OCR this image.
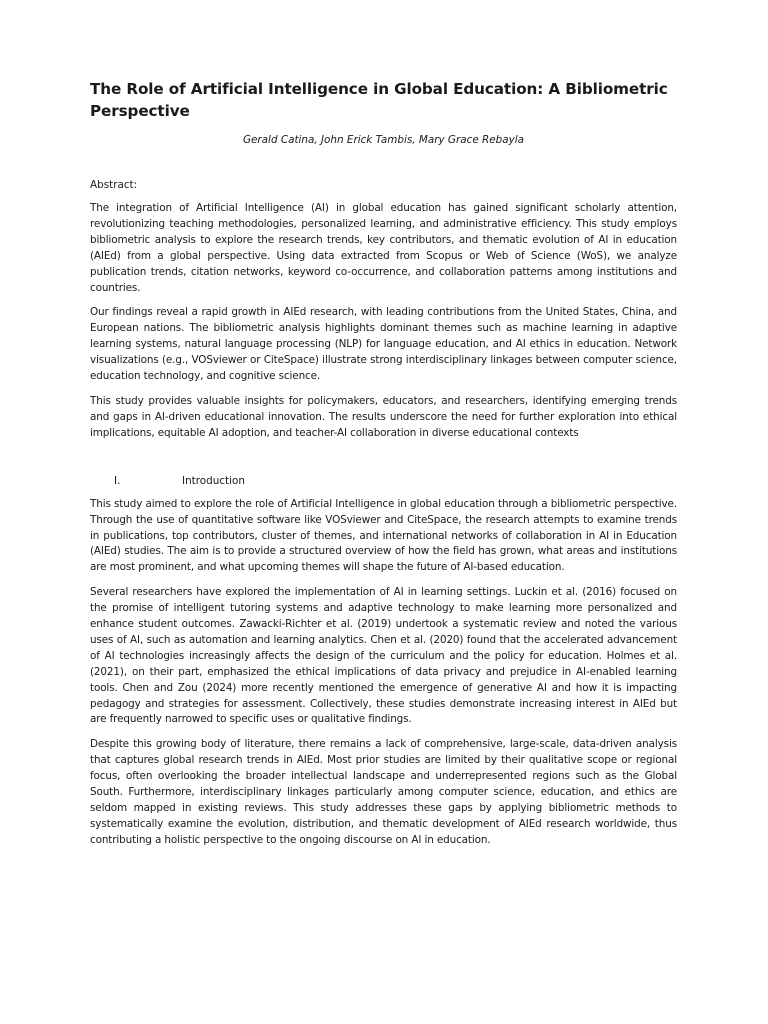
The Role of Artificial Intelligence in Global Education: A Bibliometric Perspective
Gerald Catina, John Erick Tambis, Mary Grace Rebayla
Abstract:

The integration of Artificial Intelligence (AI) in global education has gained significant scholarly attention, revolutionizing teaching methodologies, personalized learning, and administrative efficiency. This study employs bibliometric analysis to explore the research trends, key contributors, and thematic evolution of AI in education (AIEd) from a global perspective. Using data extracted from Scopus or Web of Science (WoS), we analyze publication trends, citation networks, keyword co-occurrence, and collaboration patterns among institutions and countries.

Our findings reveal a rapid growth in AIEd research, with leading contributions from the United States, China, and European nations. The bibliometric analysis highlights dominant themes such as machine learning in adaptive learning systems, natural language processing (NLP) for language education, and AI ethics in education. Network visualizations (e.g., VOSviewer or CiteSpace) illustrate strong interdisciplinary linkages between computer science, education technology, and cognitive science.

This study provides valuable insights for policymakers, educators, and researchers, identifying emerging trends and gaps in AI-driven educational innovation. The results underscore the need for further exploration into ethical implications, equitable AI adoption, and teacher-AI collaboration in diverse educational contexts

I.	Introduction

This study aimed to explore the role of Artificial Intelligence in global education through a bibliometric perspective. Through the use of quantitative software like VOSviewer and CiteSpace, the research attempts to examine trends in publications, top contributors, cluster of themes, and international networks of collaboration in AI in Education (AIEd) studies. The aim is to provide a structured overview of how the field has grown, what areas and institutions are most prominent, and what upcoming themes will shape the future of AI-based education.

Several researchers have explored the implementation of AI in learning settings. Luckin et al. (2016) focused on the promise of intelligent tutoring systems and adaptive technology to make learning more personalized and enhance student outcomes. Zawacki-Richter et al. (2019) undertook a systematic review and noted the various uses of AI, such as automation and learning analytics. Chen et al. (2020) found that the accelerated advancement of AI technologies increasingly affects the design of the curriculum and the policy for education. Holmes et al. (2021), on their part, emphasized the ethical implications of data privacy and prejudice in AI-enabled learning tools. Chen and Zou (2024) more recently mentioned the emergence of generative AI and how it is impacting pedagogy and strategies for assessment. Collectively, these studies demonstrate increasing interest in AIEd but are frequently narrowed to specific uses or qualitative findings.

Despite this growing body of literature, there remains a lack of comprehensive, large-scale, data-driven analysis that captures global research trends in AIEd. Most prior studies are limited by their qualitative scope or regional focus, often overlooking the broader intellectual landscape and underrepresented regions such as the Global South. Furthermore, interdisciplinary linkages particularly among computer science, education, and ethics are seldom mapped in existing reviews. This study addresses these gaps by applying bibliometric methods to systematically examine the evolution, distribution, and thematic development of AIEd research worldwide, thus contributing a holistic perspective to the ongoing discourse on AI in education.
